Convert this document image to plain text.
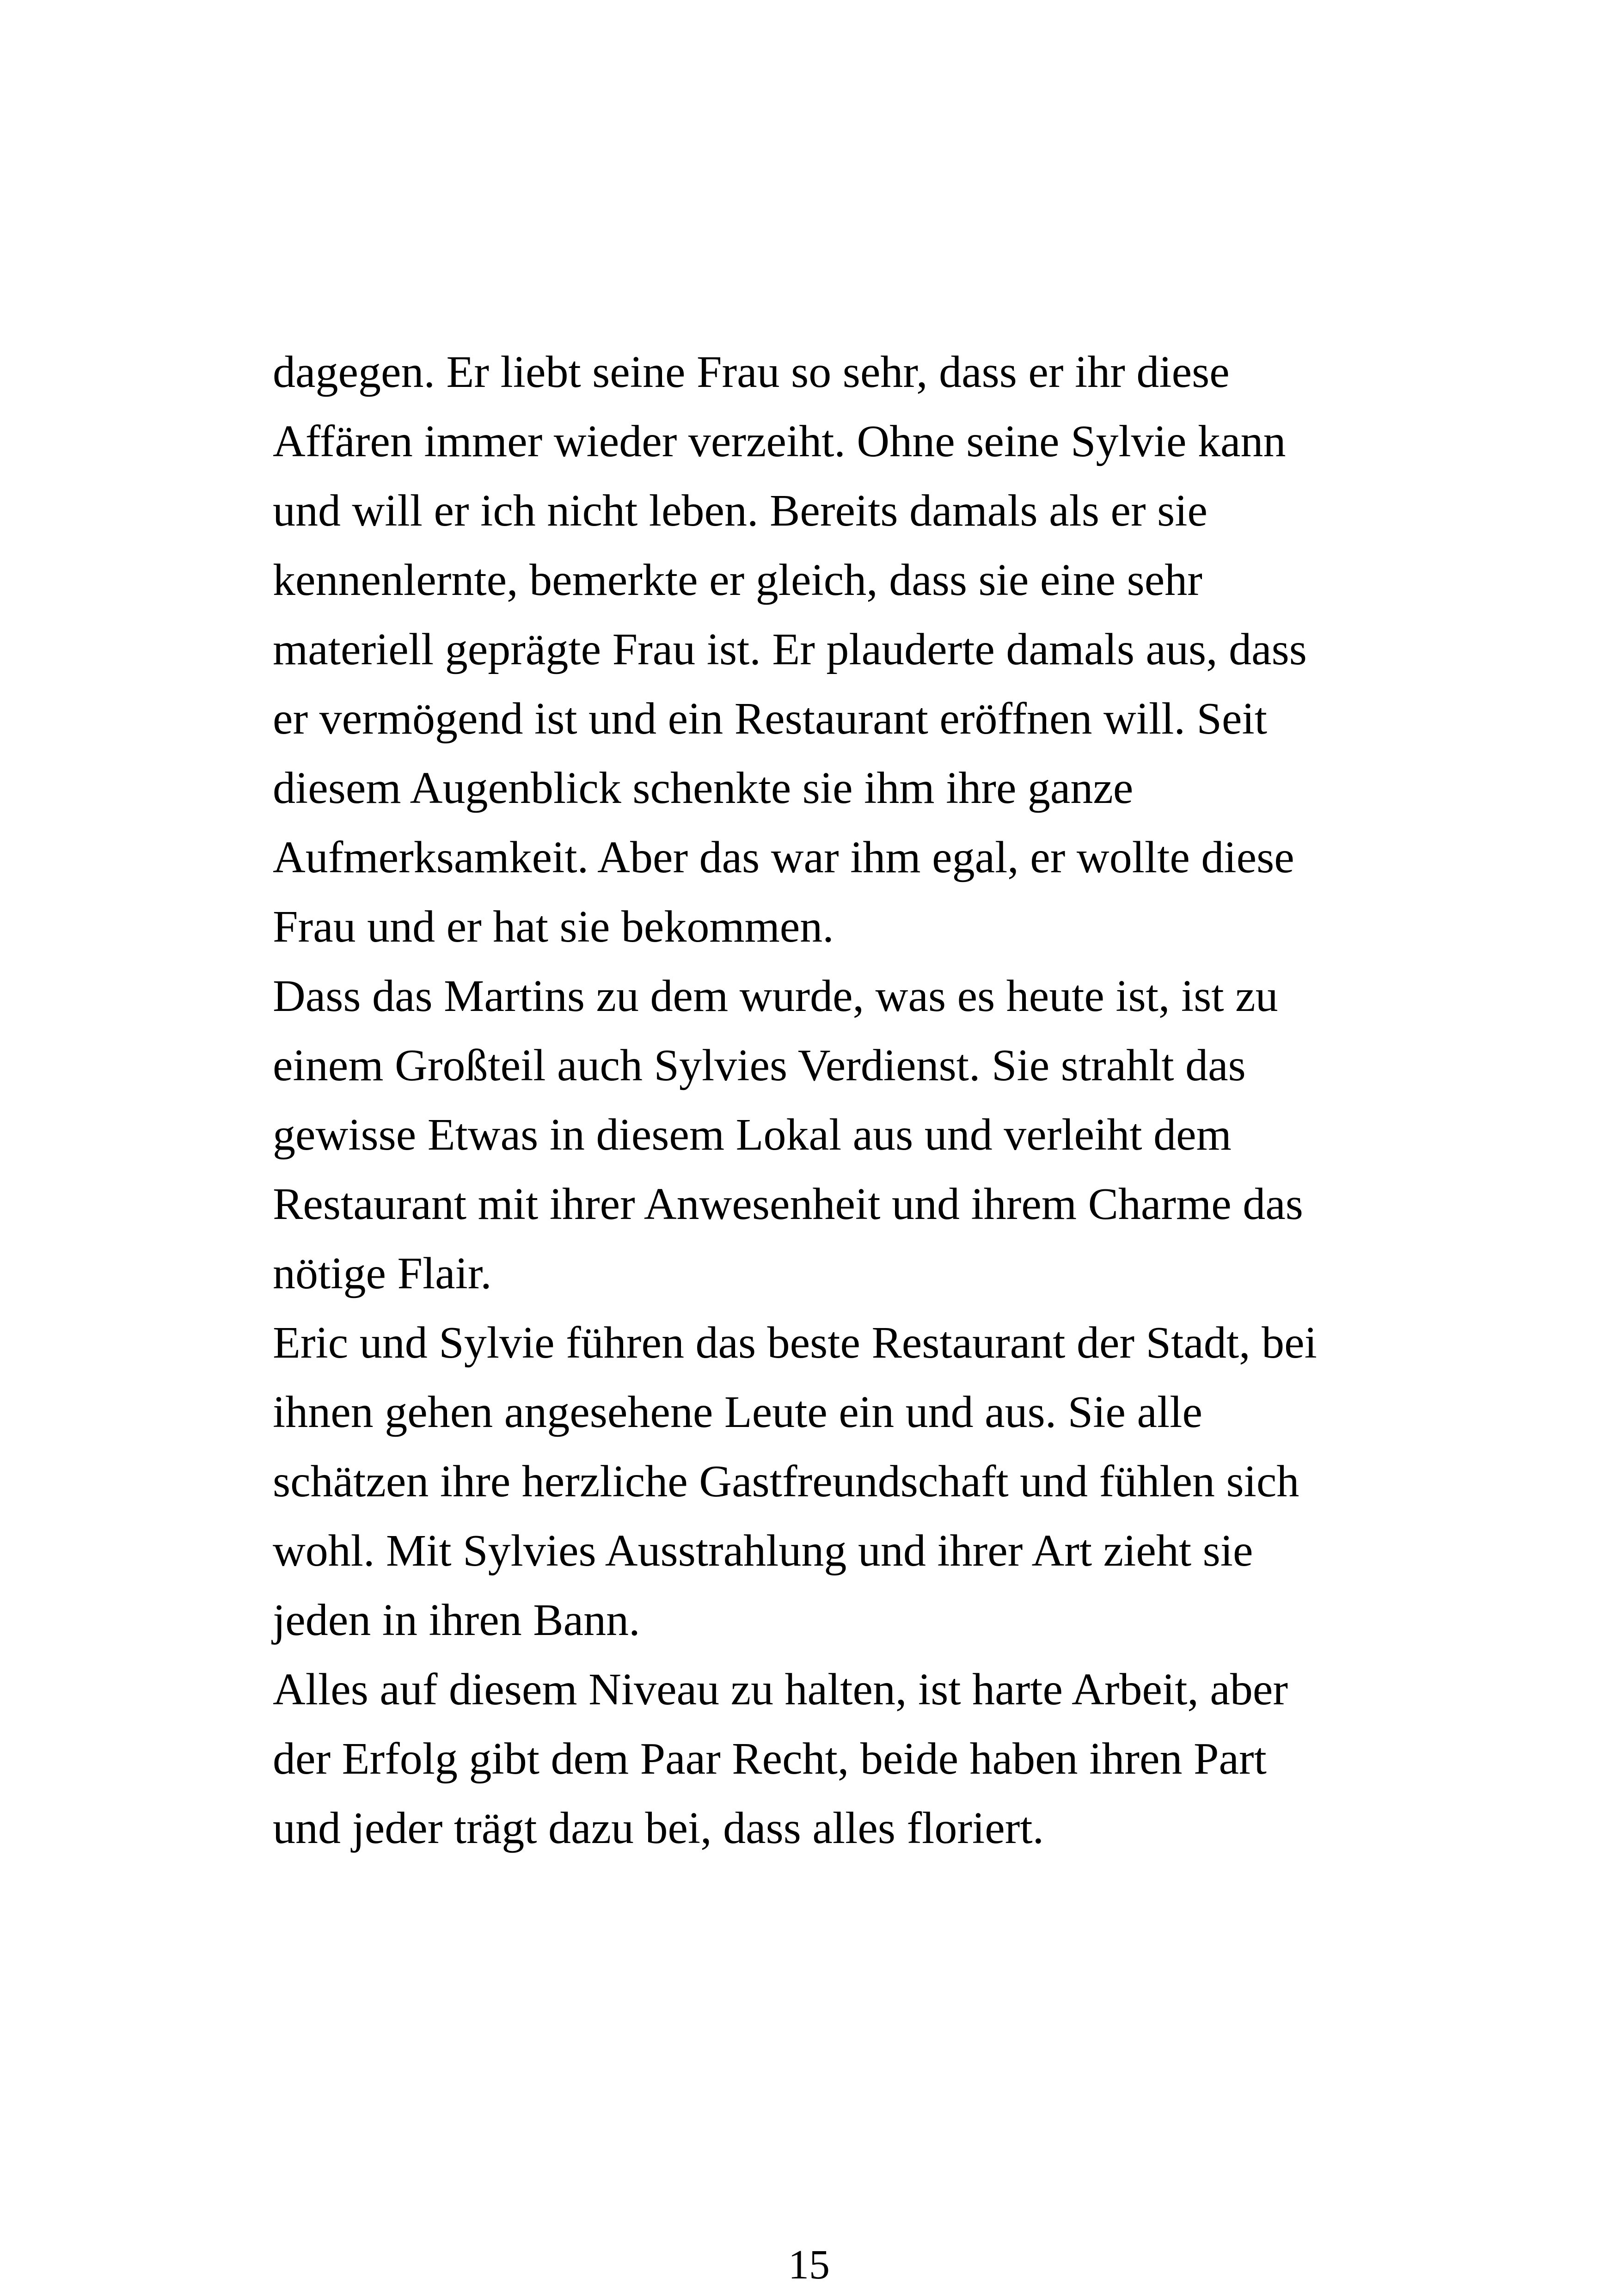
dagegen. Er liebt seine Frau so sehr, dass er ihr diese
Affären immer wieder verzeiht. Ohne seine Sylvie kann
und will er ich nicht leben. Bereits damals als er sie
kennenlernte, bemerkte er gleich, dass sie eine sehr
materiell geprägte Frau ist. Er plauderte damals aus, dass
er vermögend ist und ein Restaurant eröffnen will. Seit
diesem Augenblick schenkte sie ihm ihre ganze
Aufmerksamkeit. Aber das war ihm egal, er wollte diese
Frau und er hat sie bekommen.
Dass das Martins zu dem wurde, was es heute ist, ist zu
einem Großteil auch Sylvies Verdienst. Sie strahlt das
gewisse Etwas in diesem Lokal aus und verleiht dem
Restaurant mit ihrer Anwesenheit und ihrem Charme das
nötige Flair.
Eric und Sylvie führen das beste Restaurant der Stadt, bei
ihnen gehen angesehene Leute ein und aus. Sie alle
schätzen ihre herzliche Gastfreundschaft und fühlen sich
wohl. Mit Sylvies Ausstrahlung und ihrer Art zieht sie
jeden in ihren Bann.
Alles auf diesem Niveau zu halten, ist harte Arbeit, aber
der Erfolg gibt dem Paar Recht, beide haben ihren Part
und jeder trägt dazu bei, dass alles floriert.
15
